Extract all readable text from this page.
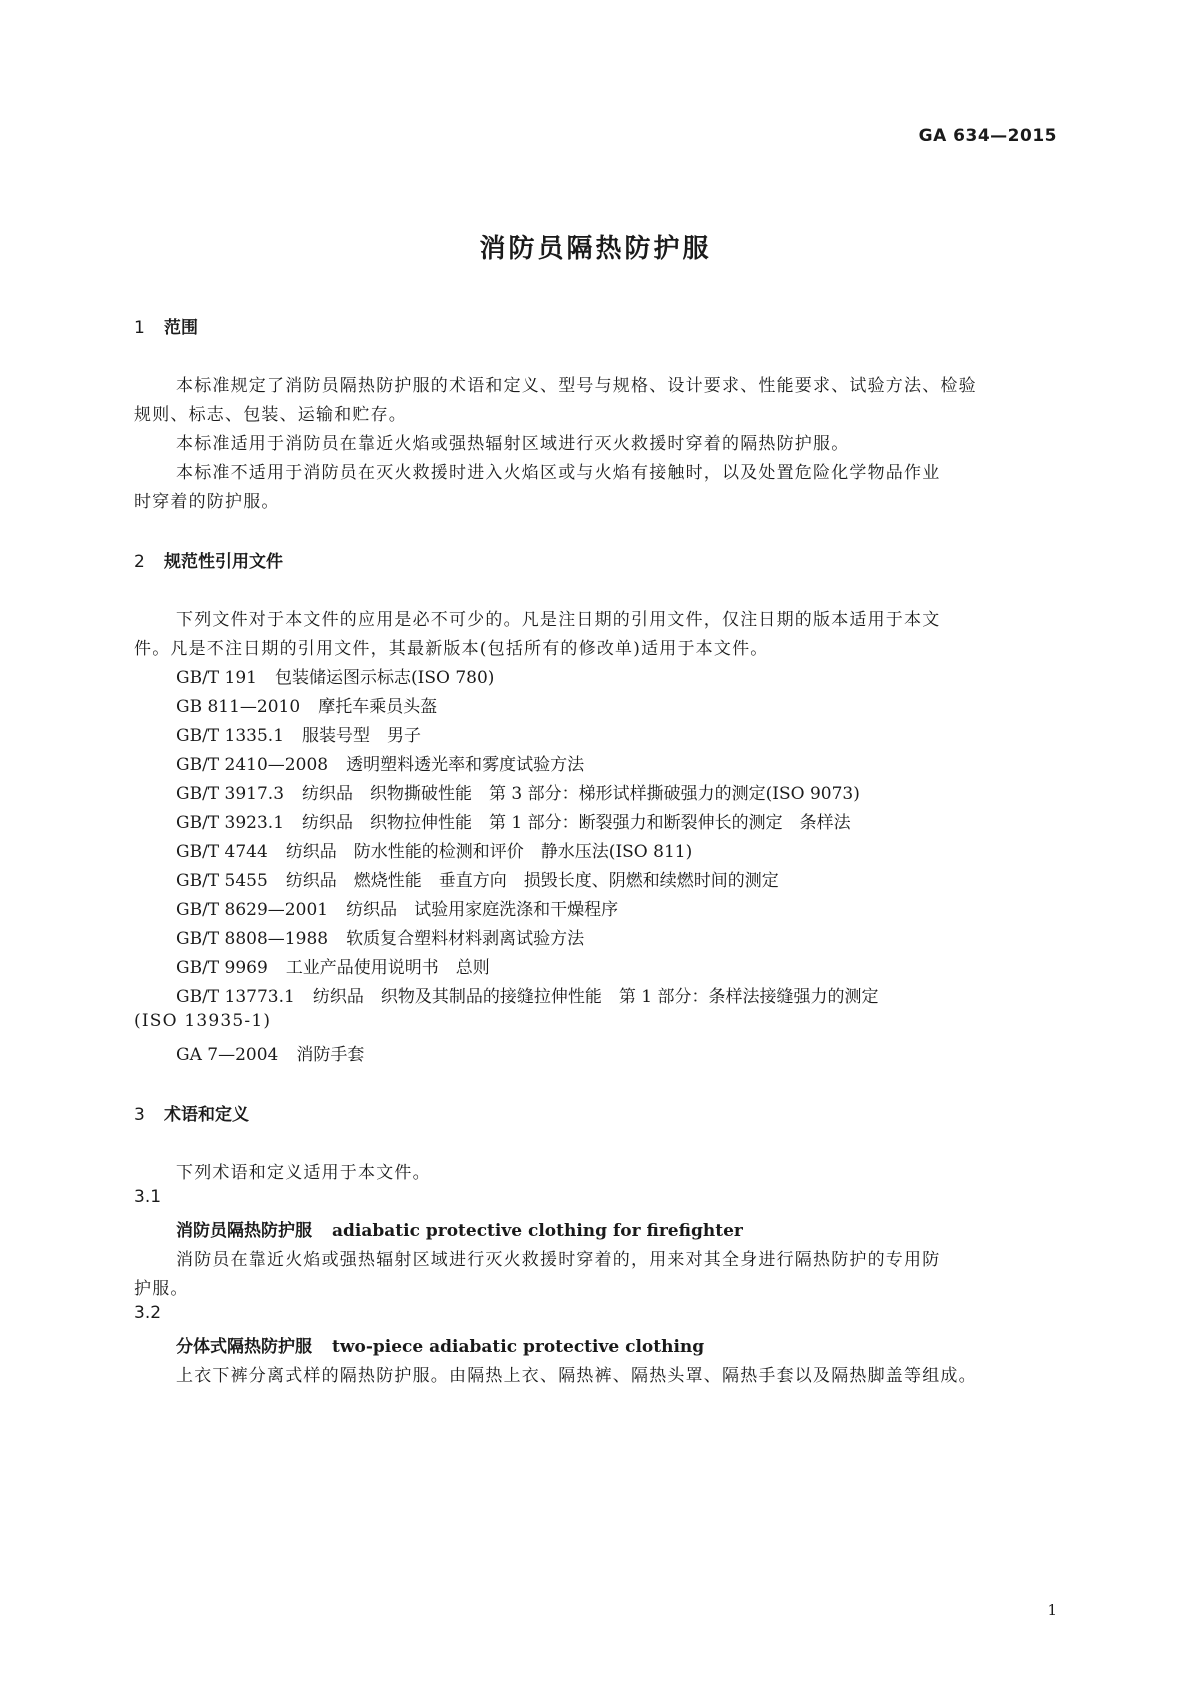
GA 634—2015
消防员隔热防护服
1 范围
本标准规定了消防员隔热防护服的术语和定义、型号与规格、设计要求、性能要求、试验方法、检验
规则、标志、包装、运输和贮存。
本标准适用于消防员在靠近火焰或强热辐射区域进行灭火救援时穿着的隔热防护服。
本标准不适用于消防员在灭火救援时进入火焰区或与火焰有接触时，以及处置危险化学物品作业
时穿着的防护服。
2 规范性引用文件
下列文件对于本文件的应用是必不可少的。凡是注日期的引用文件，仅注日期的版本适用于本文
件。凡是不注日期的引用文件，其最新版本(包括所有的修改单)适用于本文件。
GB/T 191 包装储运图示标志(ISO 780)
GB 811—2010 摩托车乘员头盔
GB/T 1335.1 服装号型　男子
GB/T 2410—2008 透明塑料透光率和雾度试验方法
GB/T 3917.3 纺织品　织物撕破性能　第 3 部分：梯形试样撕破强力的测定(ISO 9073)
GB/T 3923.1 纺织品　织物拉伸性能　第 1 部分：断裂强力和断裂伸长的测定　条样法
GB/T 4744 纺织品　防水性能的检测和评价　静水压法(ISO 811)
GB/T 5455 纺织品　燃烧性能　垂直方向　损毁长度、阴燃和续燃时间的测定
GB/T 8629—2001 纺织品　试验用家庭洗涤和干燥程序
GB/T 8808—1988 软质复合塑料材料剥离试验方法
GB/T 9969 工业产品使用说明书　总则
GB/T 13773.1 纺织品　织物及其制品的接缝拉伸性能　第 1 部分：条样法接缝强力的测定
(ISO 13935-1)
GA 7—2004 消防手套
3 术语和定义
下列术语和定义适用于本文件。
3.1
消防员隔热防护服 adiabatic protective clothing for firefighter
消防员在靠近火焰或强热辐射区域进行灭火救援时穿着的，用来对其全身进行隔热防护的专用防
护服。
3.2
分体式隔热防护服 two-piece adiabatic protective clothing
上衣下裤分离式样的隔热防护服。由隔热上衣、隔热裤、隔热头罩、隔热手套以及隔热脚盖等组成。
1
